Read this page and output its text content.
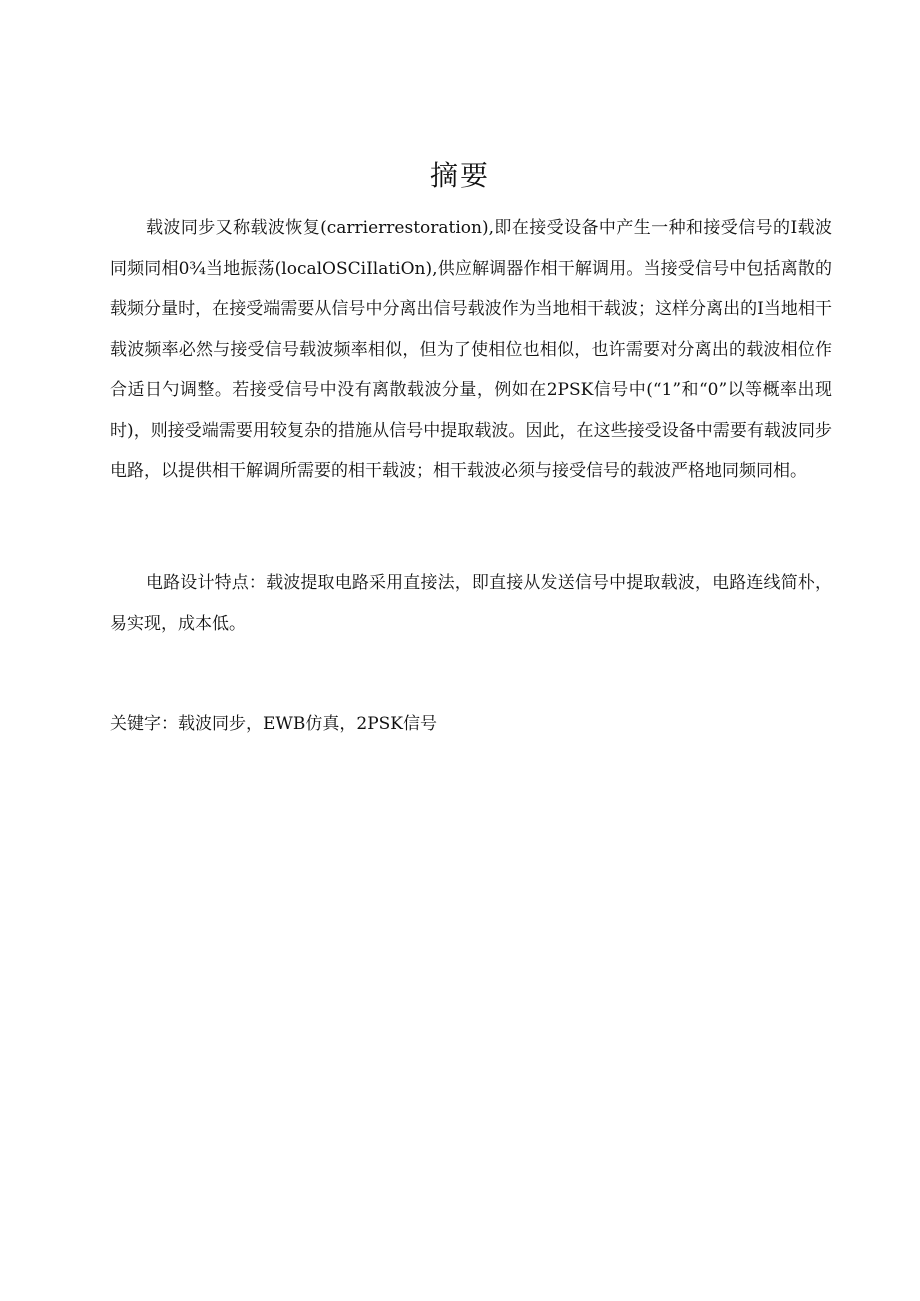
摘要

载波同步又称载波恢复(carrierrestoration),即在接受设备中产生一种和接受信号的I载波同频同相0¾当地振荡(localOSCiIlatiOn),供应解调器作相干解调用。当接受信号中包括离散的载频分量时，在接受端需要从信号中分离出信号载波作为当地相干载波；这样分离出的I当地相干载波频率必然与接受信号载波频率相似，但为了使相位也相似，也许需要对分离出的载波相位作合适日勺调整。若接受信号中没有离散载波分量，例如在2PSK信号中(“1”和“0”以等概率出现时)，则接受端需要用较复杂的措施从信号中提取载波。因此，在这些接受设备中需要有载波同步电路，以提供相干解调所需要的相干载波；相干载波必须与接受信号的载波严格地同频同相。

电路设计特点：载波提取电路采用直接法，即直接从发送信号中提取载波，电路连线简朴，易实现，成本低。

关键字：载波同步，EWB仿真，2PSK信号
